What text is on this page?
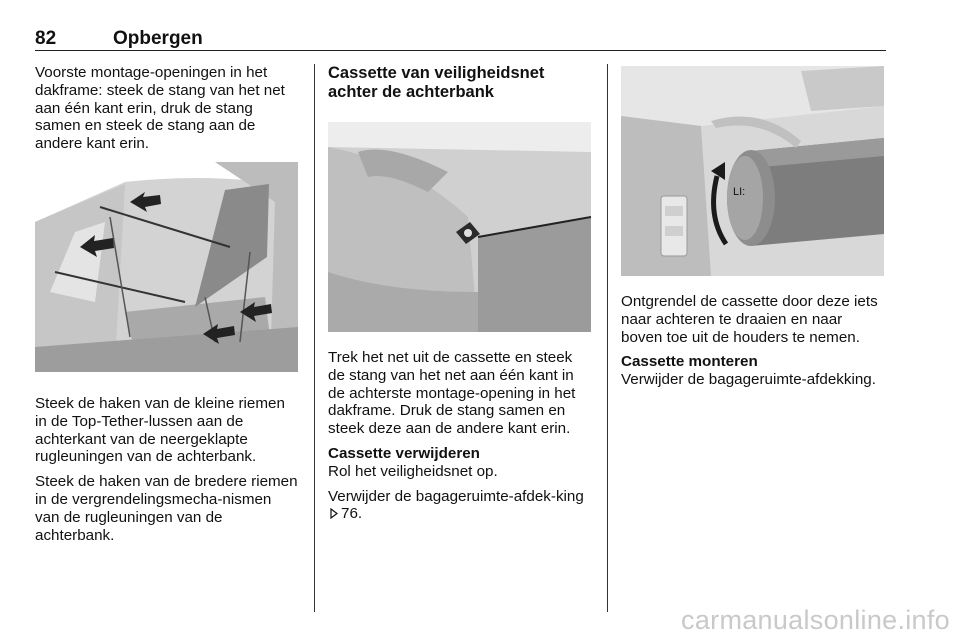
82	Opbergen

Voorste montage-openingen in het dakframe: steek de stang van het net aan één kant erin, druk de stang samen en steek de stang aan de andere kant erin.

Steek de haken van de kleine riemen in de Top-Tether-lussen aan de achterkant van de neergeklapte rugleuningen van de achterbank.

Steek de haken van de bredere riemen in de vergrendelingsmecha-nismen van de rugleuningen van de achterbank.

Cassette van veiligheidsnet achter de achterbank

Trek het net uit de cassette en steek de stang van het net aan één kant in de achterste montage-opening in het dakframe. Druk de stang samen en steek deze aan de andere kant erin.

Cassette verwijderen

Rol het veiligheidsnet op.

Verwijder de bagageruimte-afdek-king 76.

LI:

Ontgrendel de cassette door deze iets naar achteren te draaien en naar boven toe uit de houders te nemen.

Cassette monteren

Verwijder de bagageruimte-afdekking.

carmanualsonline.info
